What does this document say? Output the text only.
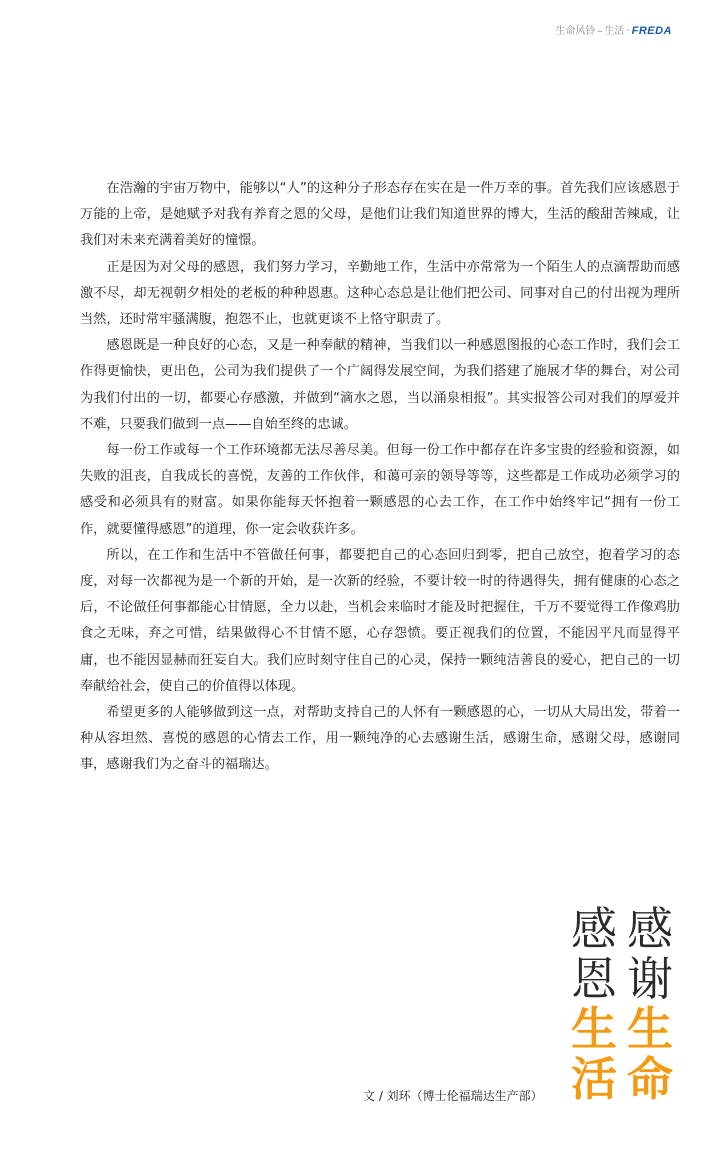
生命风铃 – 生活 · FREDA

在浩瀚的宇宙万物中，能够以“人”的这种分子形态存在实在是一件万幸的事。首先我们应该感恩于万能的上帝，是她赋予对我有养育之恩的父母，是他们让我们知道世界的博大，生活的酸甜苦辣咸，让我们对未来充满着美好的憧憬。

正是因为对父母的感恩，我们努力学习，辛勤地工作，生活中亦常常为一个陌生人的点滴帮助而感激不尽，却无视朝夕相处的老板的种种恩惠。这种心态总是让他们把公司、同事对自己的付出视为理所当然，还时常牢骚满腹，抱怨不止，也就更谈不上恪守职责了。

感恩既是一种良好的心态，又是一种奉献的精神，当我们以一种感恩图报的心态工作时，我们会工作得更愉快，更出色，公司为我们提供了一个广阔得发展空间，为我们搭建了施展才华的舞台，对公司为我们付出的一切，都要心存感激，并做到“滴水之恩，当以涌泉相报”。其实报答公司对我们的厚爱并不难，只要我们做到一点——自始至终的忠诚。

每一份工作或每一个工作环境都无法尽善尽美。但每一份工作中都存在许多宝贵的经验和资源，如失败的沮丧，自我成长的喜悦，友善的工作伙伴，和蔼可亲的领导等等，这些都是工作成功必须学习的感受和必须具有的财富。如果你能每天怀抱着一颗感恩的心去工作，在工作中始终牢记“拥有一份工作，就要懂得感恩”的道理，你一定会收获许多。

所以，在工作和生活中不管做任何事，都要把自己的心态回归到零，把自己放空，抱着学习的态度，对每一次都视为是一个新的开始，是一次新的经验，不要计较一时的待遇得失，拥有健康的心态之后，不论做任何事都能心甘情愿，全力以赴，当机会来临时才能及时把握住，千万不要觉得工作像鸡肋食之无味，弃之可惜，结果做得心不甘情不愿，心存怨愤。要正视我们的位置，不能因平凡而显得平庸，也不能因显赫而狂妄自大。我们应时刻守住自己的心灵，保持一颗纯洁善良的爱心，把自己的一切奉献给社会，使自己的价值得以体现。

希望更多的人能够做到这一点，对帮助支持自己的人怀有一颗感恩的心，一切从大局出发，带着一种从容坦然、喜悦的感恩的心情去工作，用一颗纯净的心去感谢生活，感谢生命，感谢父母，感谢同事，感谢我们为之奋斗的福瑞达。

感
恩
生
活
感
谢
生
命
文 / 刘环（博士伦福瑞达生产部）
